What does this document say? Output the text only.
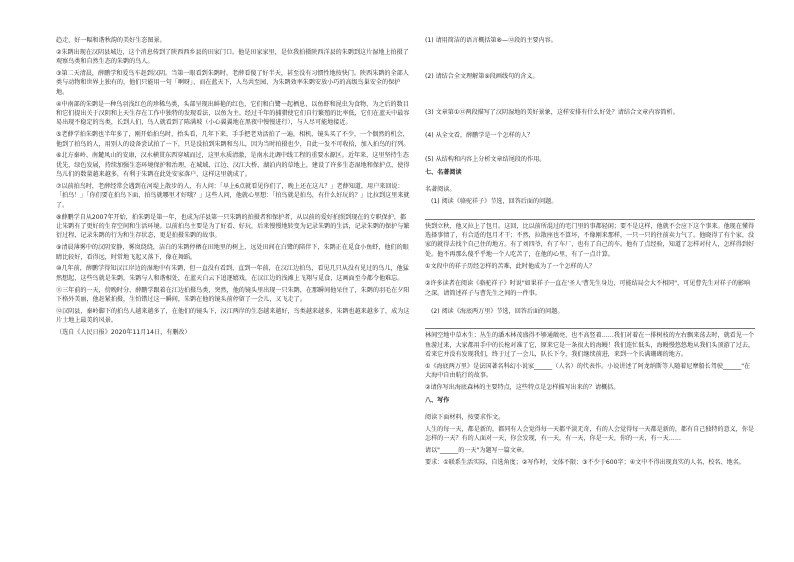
趋走，好一幅和谐秋韵的美好生态图景。

②朱鹮出现在汉阴县城边，这个消息传到了陕西西乡县的田家门口。他是田家家里，是位我拍摄陕西洋县的朱鹮到这片湿地上拍摄了观察鸟类和自然生态的朱鹮的鸟人。

③第二天清晨，薛鹏学和爱鸟车赶到汉阴。当第一眼看到朱鹮时，老薛看傻了好半天，甚至没有习惯性地按快门。陕西朱鹮的全部人类与动物和世界上独有的，他们只能用一句「啊呀」，而在蓝天下，人鸟共至园，为朱鹮效率朱鹮安放小巧的高级鸟巢安全的保护地。

④中南部的朱鹮是一种鸟羽浅红色的珍稀鸟类，头部呈现出鲜艳的红色，它们和白鹭一起栖息，以鱼虾和昆虫为食物，为之后的数目和它们提出关于汉阴和上天生存在工作中独特的发现看法，以鱼为主。经过千年的捕猎使它们自行繁殖的比率低，它们在蓝天中最容易出现不稳定的鸟类，长到人们，鸟人就看到了陈满坡（小心翼翼地在黑夜中慢慢进行），与人尽可能地接近。

⑤老薛学拍朱鹮也半年多了，刚开始拍鸟时，抬头看，几年下来，手手把老劝活拍了一遍，相机、镜头买了不少，一个偶然的机会，他到了拍鸟的人，用别人的设备尝试拍了一下，只是没拍到朱鹮和鸟儿，因为当时拍摄也少，自此一发不可收拾，加入拍鸟的行列。

⑥北方秦岭、南麓凤山的安康，汉水横贯东西穿城而过，这里水质清澈，是南水北调中线工程的重要水源区。近年来，这里坚持生态优先，绿色发展，持续加强生态环境保护和治理，在城域、江边、汉江大桥、湖泊内的草地上，建设了许多生态湿地和保护点，使得鸟儿们的数量越来越多，有利于朱鹮在此处安家落户，这样这里就成了。

⑦以前拍鸟时，老薛经常会遇到在河堤上散步的人，有人问：「早上6点就看见你们了，晚上还在这儿？」老薛知道，用户来回说：「拍鸟！」「你们要在拍鸟下面，拍鸟就哪里才好哦？」这些人问，他就心里想：「拍鸟就是拍鸟，有什么好玩的？」比拉到这里来就了。

⑧薛鹏学自从2007年开始，拍朱鹮是第一年，也成为洋县第一只朱鹮的拍摄者和保护者，从以前的爱好拍照到现在的专职保护，都让朱鹮有了更好的生存空间和生活环境。以前拍鸟主要是为了好看、好玩，后来慢慢地转变为记录朱鹮的生活，记录朱鹮的保护与繁衍过程，记录朱鹮的行为和生存状态，更是拍摄朱鹮的故事。

⑨清晨薄雾中的汉阴安静，雾岚绕绕，洁白的朱鹮停栖在田地里的树上，远处田间在白鹭的陪伴下，朱鹮正在觅食小鱼虾，他们的眼睛比较好，看得远，时常地飞起又落下，像在舞蹈。

⑩几年前，薛鹏学得知汉江岸边的湿地中有朱鹮，但一直没有看到，直到一年前，在汉江边拍鸟，看见几只从没有见过的鸟儿，他猛然想起，这些鸟就是朱鹮，朱鹮与人和谐相处，在蓝天白云下追逐嬉戏，在汉江边的浅滩上飞翔与觅食，这画面至今都令他难忘。

⑪三年前的一天，傍晚时分，薛鹏学跟着在江边拍摄鸟类，突然，他的镜头里出现一只朱鹮，在那瞬间他呆住了，朱鹮的羽毛在夕阳下格外美丽，他赶紧拍摄，生怕错过这一瞬间，朱鹮在他的镜头前停留了一会儿，又飞走了。

⑫汉阴县，秦岭脚下的拍鸟人越来越多了，在他们的镜头下，汉江两岸的生态越来越好，鸟类越来越多，朱鹮也越来越多了，成为这片土地上最美的风景。

（选自《人民日报》2020年11月14日，有删改）

(1) 请用简洁的语言概括第⑧—⑫段的主要内容。

(2) 请结合全文理解第⑨段画线句的含义。

(3) 文章第①⑫两段描写了汉阴湿地的美好景象，这样安排有什么好处？请结合文章内容简析。

(4) 从全文看，薛鹏学是一个怎样的人？

(5) 从结构和内容上分析文章结尾段的作用。

七、名著阅读

名著阅读。

(1) 阅读《骆驼祥子》节选，回答后面的问题。

快到立秋，他又拉上了包月。这回，比以前所混过的宅门里的事都轻闲；要不是这样，他就不会应下这个事来。他现在懂得选择事情了，有合适的包月才干；不然，拉散座也不算坏，不像刚来那样，一只一只的往前卖力气了。他晓得了有个家，没家的就得去找个自己住的地方。有了刘四爷，有了车厂，也有了自己的车。他有了点经验，知道了怎样对付人，怎样得到好处。他不再那么傻乎乎地一个人吃苦了，在他的心里，有了一点计算。

①文段中的祥子历经怎样的苦难，此时他成为了一个怎样的人？

②许多读者在阅读《骆驼祥子》时说"如果祥子一直在'圣人'曹先生身边，可能结局会大不相同"，可见曹先生对祥子的影响之深。请简述祥子与曹先生之间的一件事。

(2) 阅读《海底两万里》节选，回答后面的问题。

林间空地中草木生；丛生的潘木林茂盛得不够通敞亮，也不高竖着……我们对着在一排树枝的左右飘来荡去时，就看见一个鱼游过来，大家都用手中的长枪对准了它，原来它是一条很大的海鳗！我们连忙低头，海鳗慢悠悠地从我们头顶游了过去，看来它并没有发现我们，终于过了一会儿，队长下令，我们继续前进，来到一个长满珊瑚的地方。

①《海底两万里》是法国著名科幻小说家______（人名）的代表作。小说讲述了阿龙纳斯等人随着尼摩船长驾驶______"在大海中自由航行的故事。

②请你写出海底森林的主要特点，这些特点是怎样描写出来的？请概括。

八、写作

阅读下面材料，按要求作文。

人生的每一天，都是新的，都同有人会觉得每一天都平淡无奇，有的人会觉得每一天都是新的，都有自己独特的意义，你是怎样的一天？有的人面对一天，你会发现，有一天，有一天，你是一天，你的一天，有一天……

请以"______的一天"为题写一篇文章。

要求：①联系生活实际，自选角度；②写作时，文体不限；③不少于600字；④文中不得出现真实的人名、校名、地名。
